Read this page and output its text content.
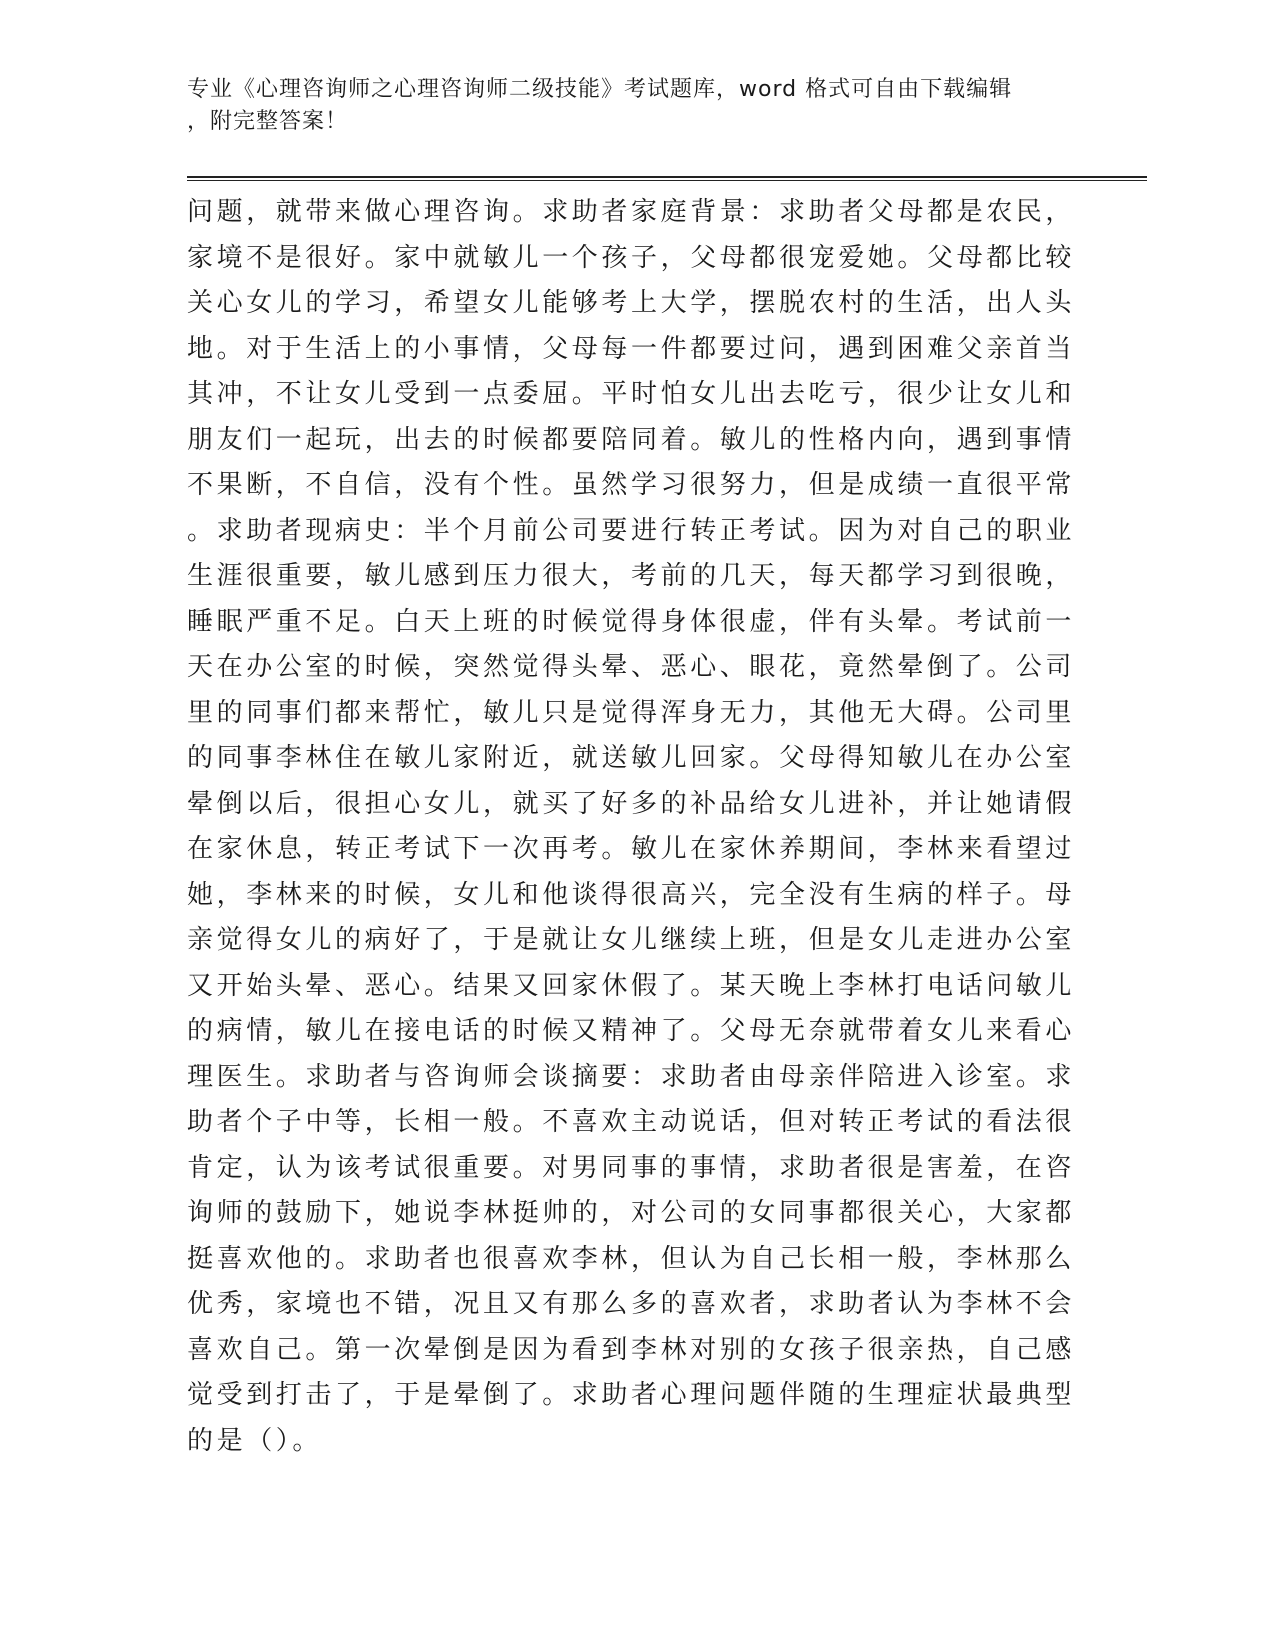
专业《心理咨询师之心理咨询师二级技能》考试题库，word 格式可自由下载编辑
，附完整答案！
问题，就带来做心理咨询。求助者家庭背景：求助者父母都是农民，
家境不是很好。家中就敏儿一个孩子，父母都很宠爱她。父母都比较
关心女儿的学习，希望女儿能够考上大学，摆脱农村的生活，出人头
地。对于生活上的小事情，父母每一件都要过问，遇到困难父亲首当
其冲，不让女儿受到一点委屈。平时怕女儿出去吃亏，很少让女儿和
朋友们一起玩，出去的时候都要陪同着。敏儿的性格内向，遇到事情
不果断，不自信，没有个性。虽然学习很努力，但是成绩一直很平常
。求助者现病史：半个月前公司要进行转正考试。因为对自己的职业
生涯很重要，敏儿感到压力很大，考前的几天，每天都学习到很晚，
睡眠严重不足。白天上班的时候觉得身体很虚，伴有头晕。考试前一
天在办公室的时候，突然觉得头晕、恶心、眼花，竟然晕倒了。公司
里的同事们都来帮忙，敏儿只是觉得浑身无力，其他无大碍。公司里
的同事李林住在敏儿家附近，就送敏儿回家。父母得知敏儿在办公室
晕倒以后，很担心女儿，就买了好多的补品给女儿进补，并让她请假
在家休息，转正考试下一次再考。敏儿在家休养期间，李林来看望过
她，李林来的时候，女儿和他谈得很高兴，完全没有生病的样子。母
亲觉得女儿的病好了，于是就让女儿继续上班，但是女儿走进办公室
又开始头晕、恶心。结果又回家休假了。某天晚上李林打电话问敏儿
的病情，敏儿在接电话的时候又精神了。父母无奈就带着女儿来看心
理医生。求助者与咨询师会谈摘要：求助者由母亲伴陪进入诊室。求
助者个子中等，长相一般。不喜欢主动说话，但对转正考试的看法很
肯定，认为该考试很重要。对男同事的事情，求助者很是害羞，在咨
询师的鼓励下，她说李林挺帅的，对公司的女同事都很关心，大家都
挺喜欢他的。求助者也很喜欢李林，但认为自己长相一般，李林那么
优秀，家境也不错，况且又有那么多的喜欢者，求助者认为李林不会
喜欢自己。第一次晕倒是因为看到李林对别的女孩子很亲热，自己感
觉受到打击了，于是晕倒了。求助者心理问题伴随的生理症状最典型
的是（）。
